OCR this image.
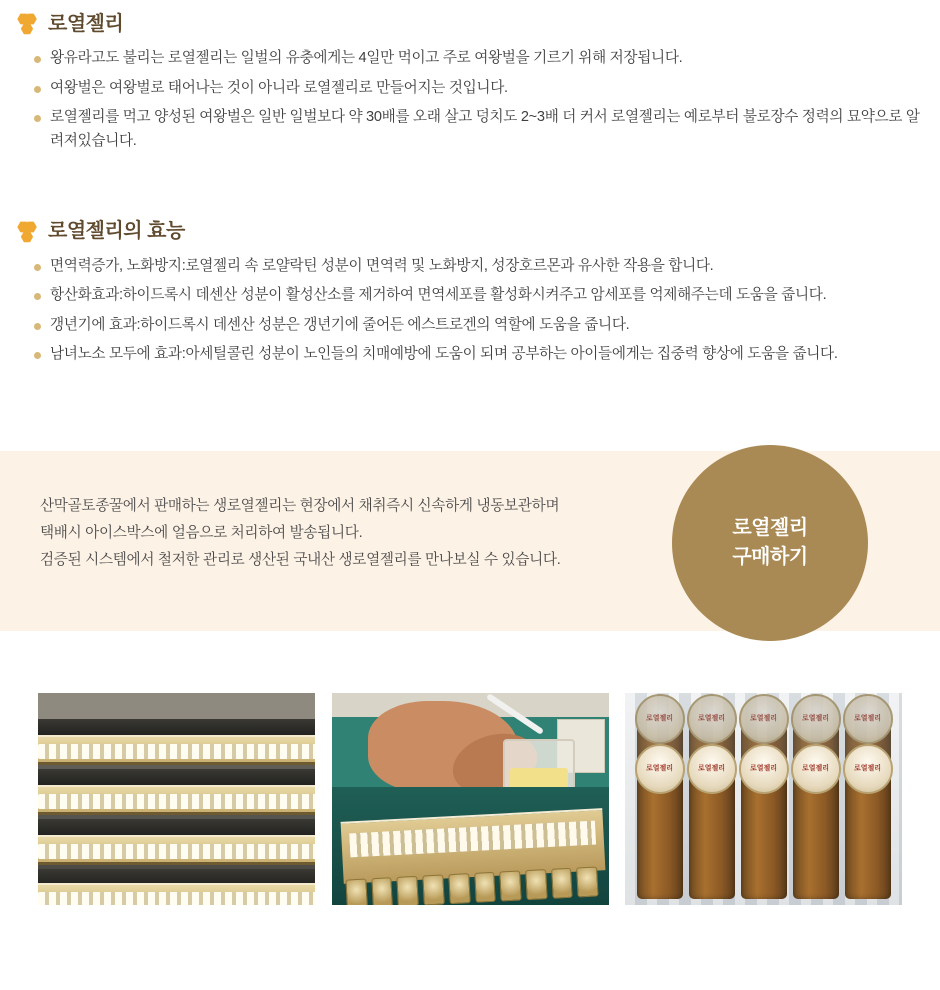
로열젤리
왕유라고도 불리는 로열젤리는 일벌의 유충에게는 4일만 먹이고 주로 여왕벌을 기르기 위해 저장됩니다.
여왕벌은 여왕벌로 태어나는 것이 아니라 로열젤리로 만들어지는 것입니다.
로열젤리를 먹고 양성된 여왕벌은 일반 일벌보다 약 30배를 오래 살고 덩치도 2~3배 더 커서 로열젤리는 예로부터 불로장수 정력의 묘약으로 알려져있습니다.
로열젤리의 효능
면역력증가, 노화방지:로열젤리 속 로얄락틴 성분이 면역력 및 노화방지, 성장호르몬과 유사한 작용을 합니다.
항산화효과:하이드록시 데센산 성분이 활성산소를 제거하여 면역세포를 활성화시켜주고 암세포를 억제해주는데 도움을 줍니다.
갱년기에 효과:하이드록시 데센산 성분은 갱년기에 줄어든 에스트로겐의 역할에 도움을 줍니다.
남녀노소 모두에 효과:아세틸콜린 성분이 노인들의 치매예방에 도움이 되며 공부하는 아이들에게는 집중력 향상에 도움을 줍니다.
산막골토종꿀에서 판매하는 생로열젤리는 현장에서 채취즉시 신속하게 냉동보관하며
택배시 아이스박스에 얼음으로 처리하여 발송됩니다.
검증된 시스템에서 철저한 관리로 생산된 국내산 생로열젤리를 만나보실 수 있습니다.
로열젤리
구매하기
로열젤리	로열젤리	로열젤리	로열젤리	로열젤리
로열젤리	로열젤리	로열젤리	로열젤리	로열젤리
